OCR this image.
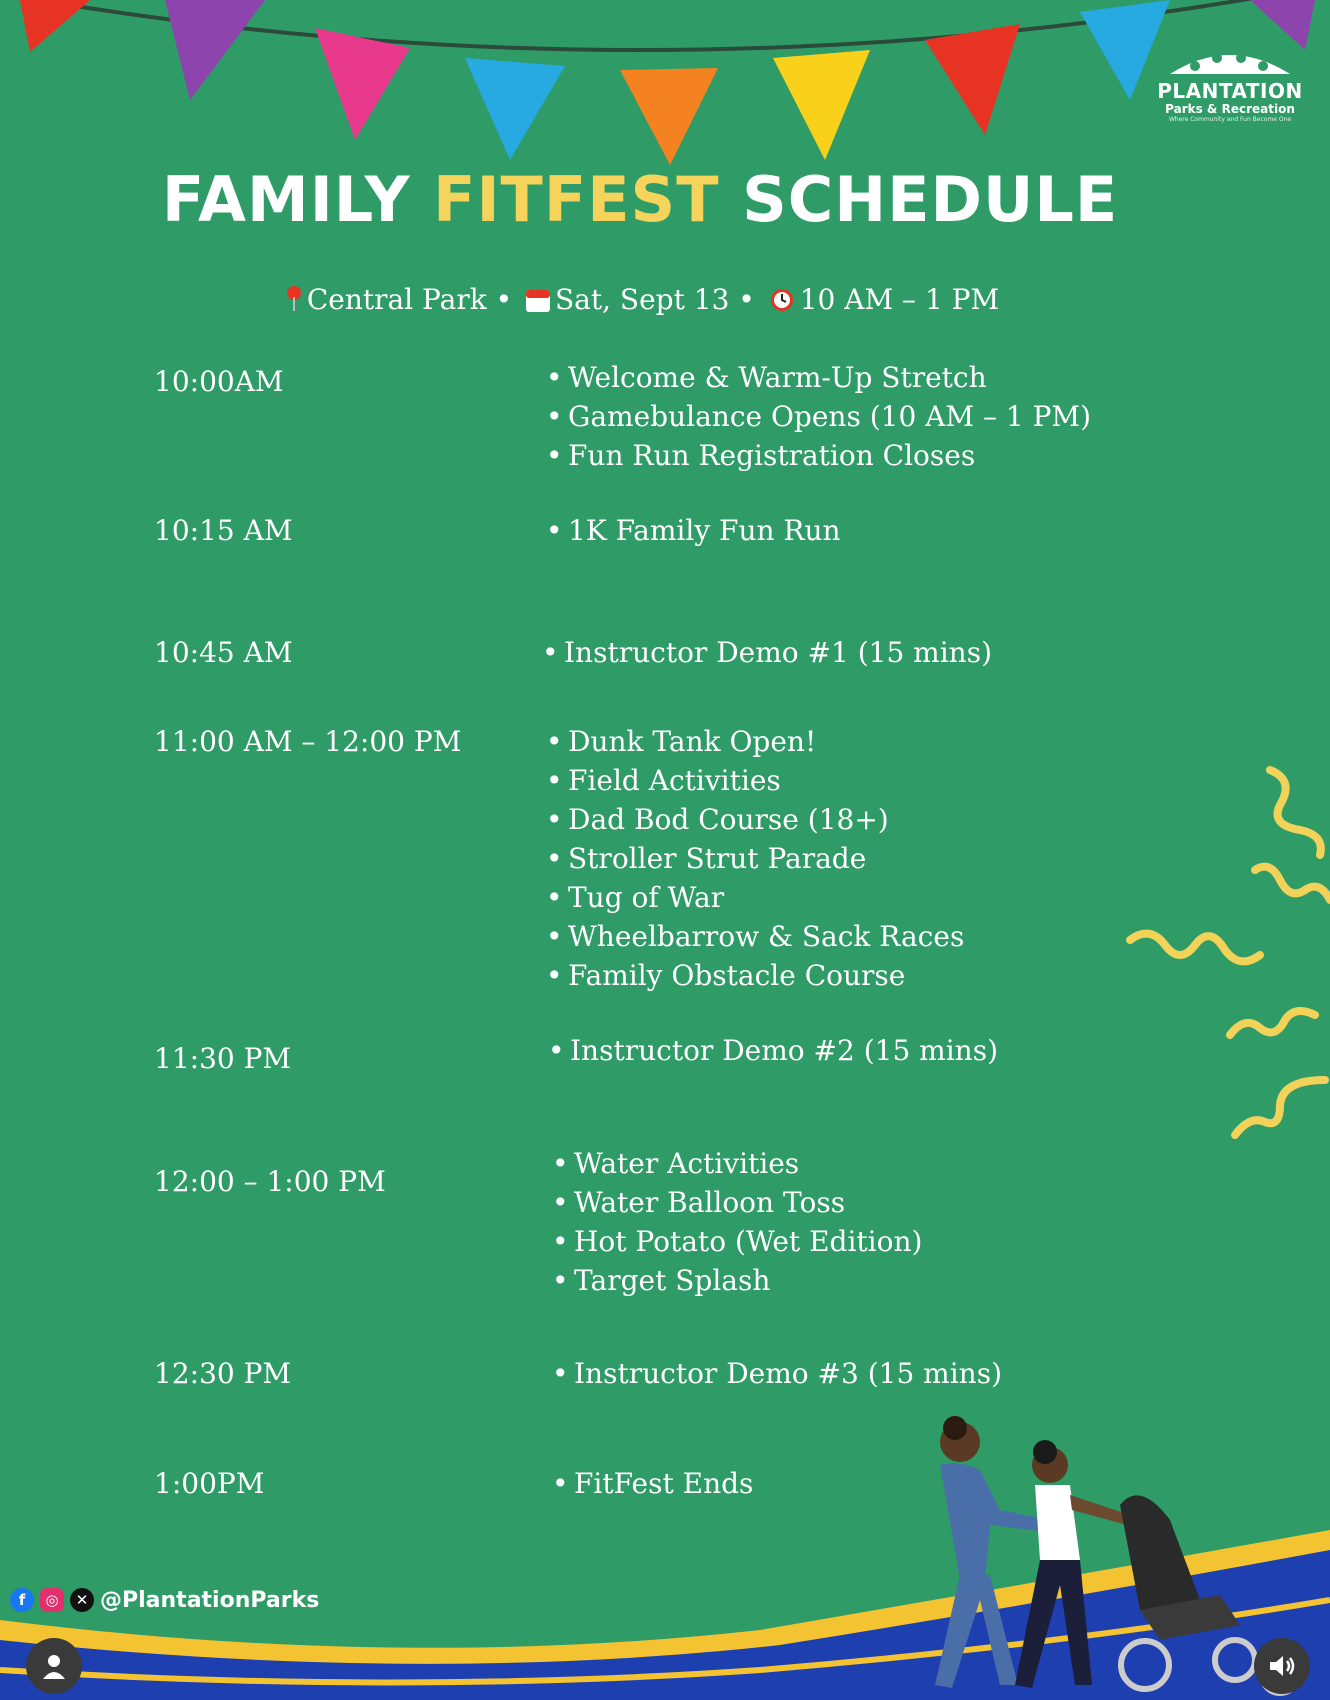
PLANTATION
Parks & Recreation
Where Community and Fun Become One
FAMILY FITFEST SCHEDULE
Central Park • Sat, Sept 13 • 10 AM – 1 PM
10:00AM	• Welcome & Warm-Up Stretch
• Gamebulance Opens (10 AM – 1 PM)
• Fun Run Registration Closes
10:15 AM	• 1K Family Fun Run
10:45 AM	• Instructor Demo #1 (15 mins)
11:00 AM – 12:00 PM	• Dunk Tank Open!
• Field Activities
• Dad Bod Course (18+)
• Stroller Strut Parade
• Tug of War
• Wheelbarrow & Sack Races
• Family Obstacle Course
11:30 PM	• Instructor Demo #2 (15 mins)
12:00 – 1:00 PM
• Water Activities
• Water Balloon Toss
• Hot Potato (Wet Edition)
• Target Splash
12:30 PM	• Instructor Demo #3 (15 mins)
1:00PM	• FitFest Ends
f	◎	✕ @PlantationParks
